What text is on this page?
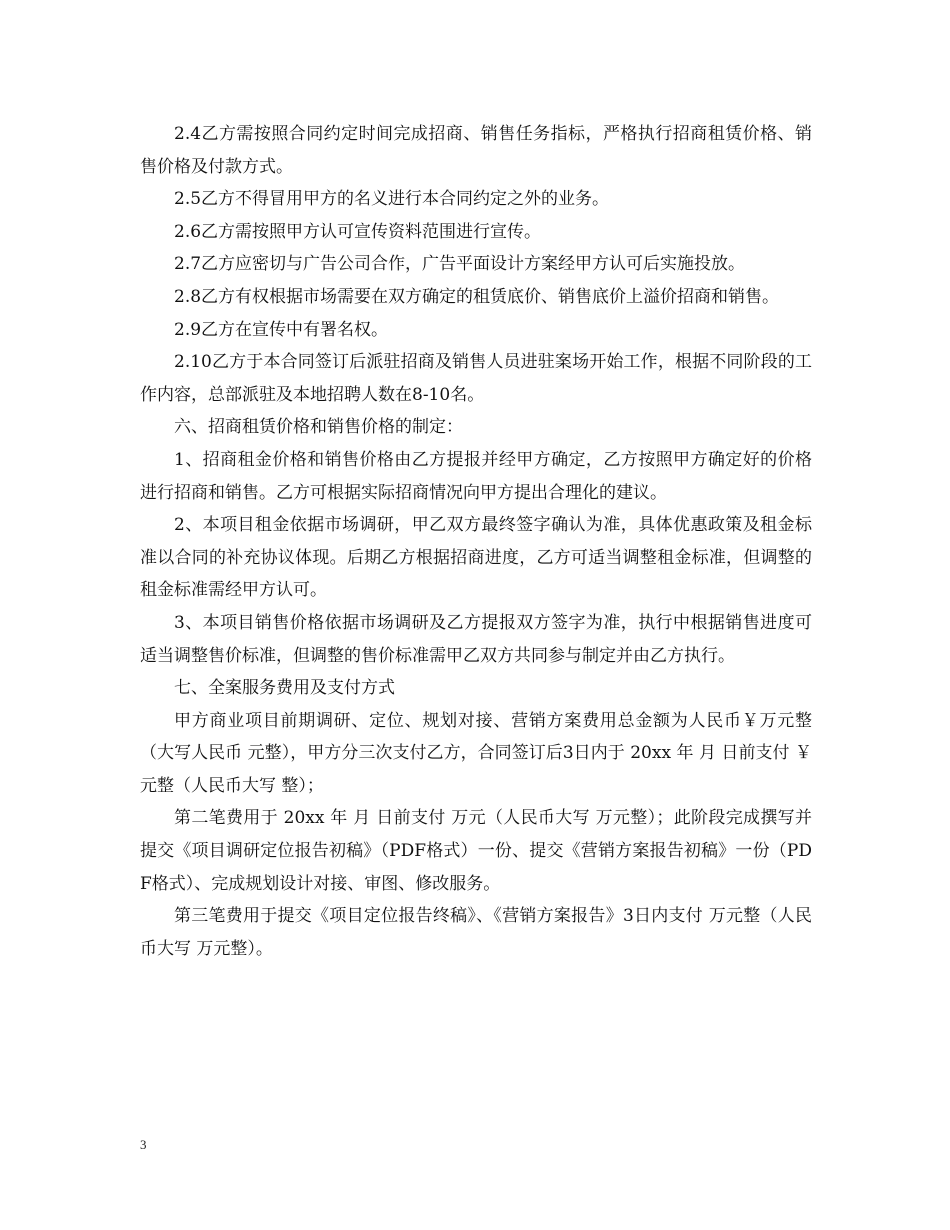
2.4乙方需按照合同约定时间完成招商、销售任务指标，严格执行招商租赁价格、销售价格及付款方式。

2.5乙方不得冒用甲方的名义进行本合同约定之外的业务。

2.6乙方需按照甲方认可宣传资料范围进行宣传。

2.7乙方应密切与广告公司合作，广告平面设计方案经甲方认可后实施投放。

2.8乙方有权根据市场需要在双方确定的租赁底价、销售底价上溢价招商和销售。

2.9乙方在宣传中有署名权。

2.10乙方于本合同签订后派驻招商及销售人员进驻案场开始工作，根据不同阶段的工作内容，总部派驻及本地招聘人数在8-10名。

六、招商租赁价格和销售价格的制定：

1、招商租金价格和销售价格由乙方提报并经甲方确定，乙方按照甲方确定好的价格进行招商和销售。乙方可根据实际招商情况向甲方提出合理化的建议。

2、本项目租金依据市场调研，甲乙双方最终签字确认为准，具体优惠政策及租金标准以合同的补充协议体现。后期乙方根据招商进度，乙方可适当调整租金标准，但调整的租金标准需经甲方认可。

3、本项目销售价格依据市场调研及乙方提报双方签字为准，执行中根据销售进度可适当调整售价标准，但调整的售价标准需甲乙双方共同参与制定并由乙方执行。

七、全案服务费用及支付方式

甲方商业项目前期调研、定位、规划对接、营销方案费用总金额为人民币￥万元整（大写人民币 元整），甲方分三次支付乙方，合同签订后3日内于 20xx 年 月 日前支付 ￥ 元整（人民币大写 整）；

第二笔费用于 20xx 年 月 日前支付 万元（人民币大写 万元整）；此阶段完成撰写并提交《项目调研定位报告初稿》（PDF格式）一份、提交《营销方案报告初稿》一份（PDF格式）、完成规划设计对接、审图、修改服务。

第三笔费用于提交《项目定位报告终稿》、《营销方案报告》3日内支付 万元整（人民币大写 万元整）。

3
